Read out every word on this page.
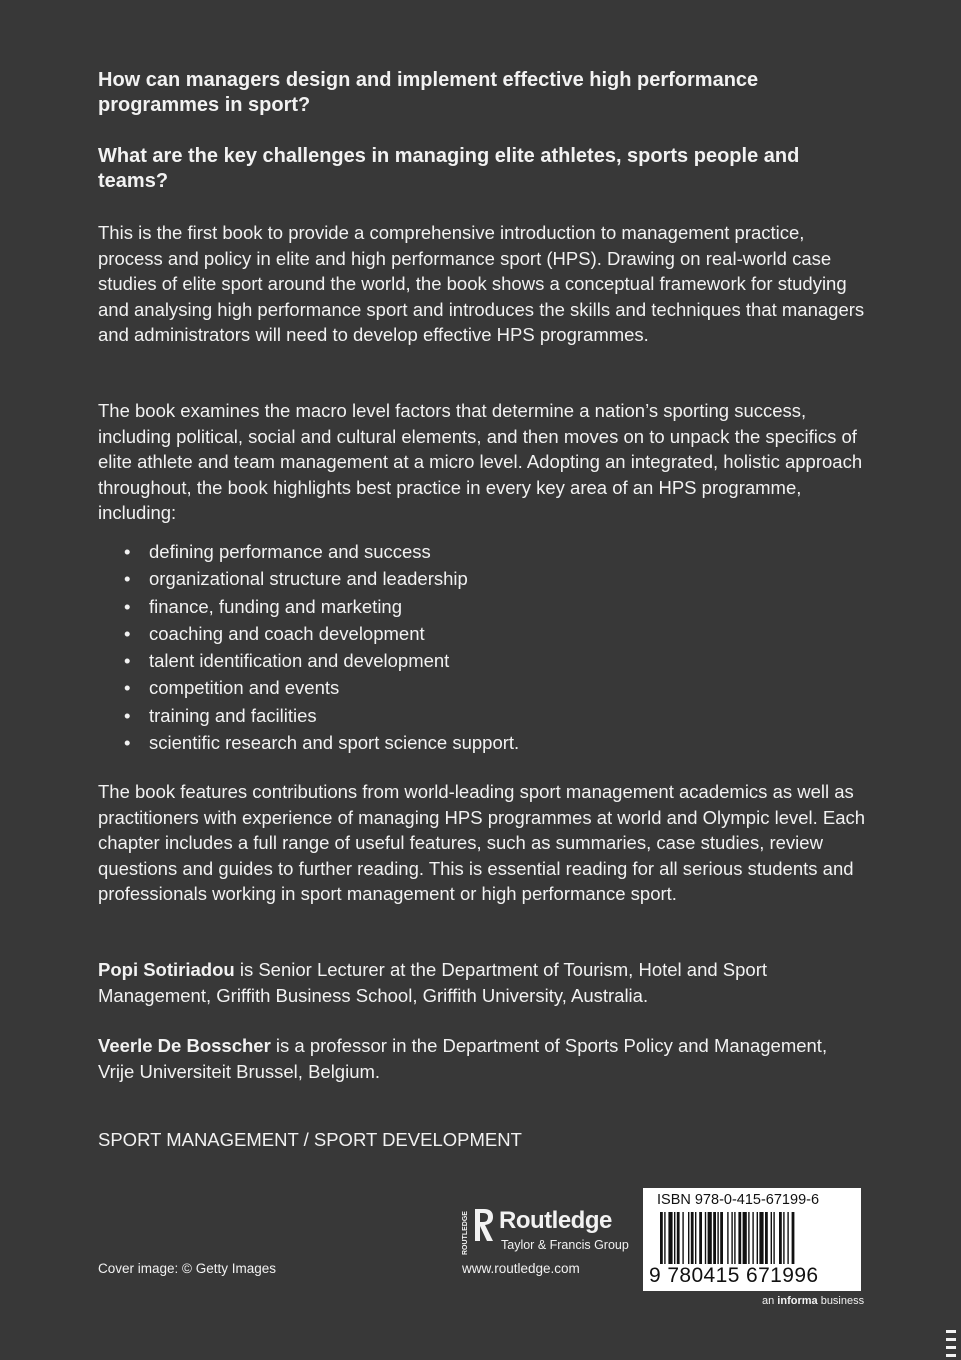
How can managers design and implement effective high performance programmes in sport?

What are the key challenges in managing elite athletes, sports people and teams?

This is the first book to provide a comprehensive introduction to management practice, process and policy in elite and high performance sport (HPS). Drawing on real-world case studies of elite sport around the world, the book shows a conceptual framework for studying and analysing high performance sport and introduces the skills and techniques that managers and administrators will need to develop effective HPS programmes.

The book examines the macro level factors that determine a nation’s sporting success, including political, social and cultural elements, and then moves on to unpack the specifics of elite athlete and team management at a micro level. Adopting an integrated, holistic approach throughout, the book highlights best practice in every key area of an HPS programme, including:

• defining performance and success
• organizational structure and leadership
• finance, funding and marketing
• coaching and coach development
• talent identification and development
• competition and events
• training and facilities
• scientific research and sport science support.

The book features contributions from world-leading sport management academics as well as practitioners with experience of managing HPS programmes at world and Olympic level. Each chapter includes a full range of useful features, such as summaries, case studies, review questions and guides to further reading. This is essential reading for all serious students and professionals working in sport management or high performance sport.

Popi Sotiriadou is Senior Lecturer at the Department of Tourism, Hotel and Sport Management, Griffith Business School, Griffith University, Australia.

Veerle De Bosscher is a professor in the Department of Sports Policy and Management, Vrije Universiteit Brussel, Belgium.

SPORT MANAGEMENT / SPORT DEVELOPMENT

Cover image: © Getty Images
ROUTLEDGE Routledge
Taylor & Francis Group
www.routledge.com
ISBN 978-0-415-67199-6
9 780415 671996
an informa business
